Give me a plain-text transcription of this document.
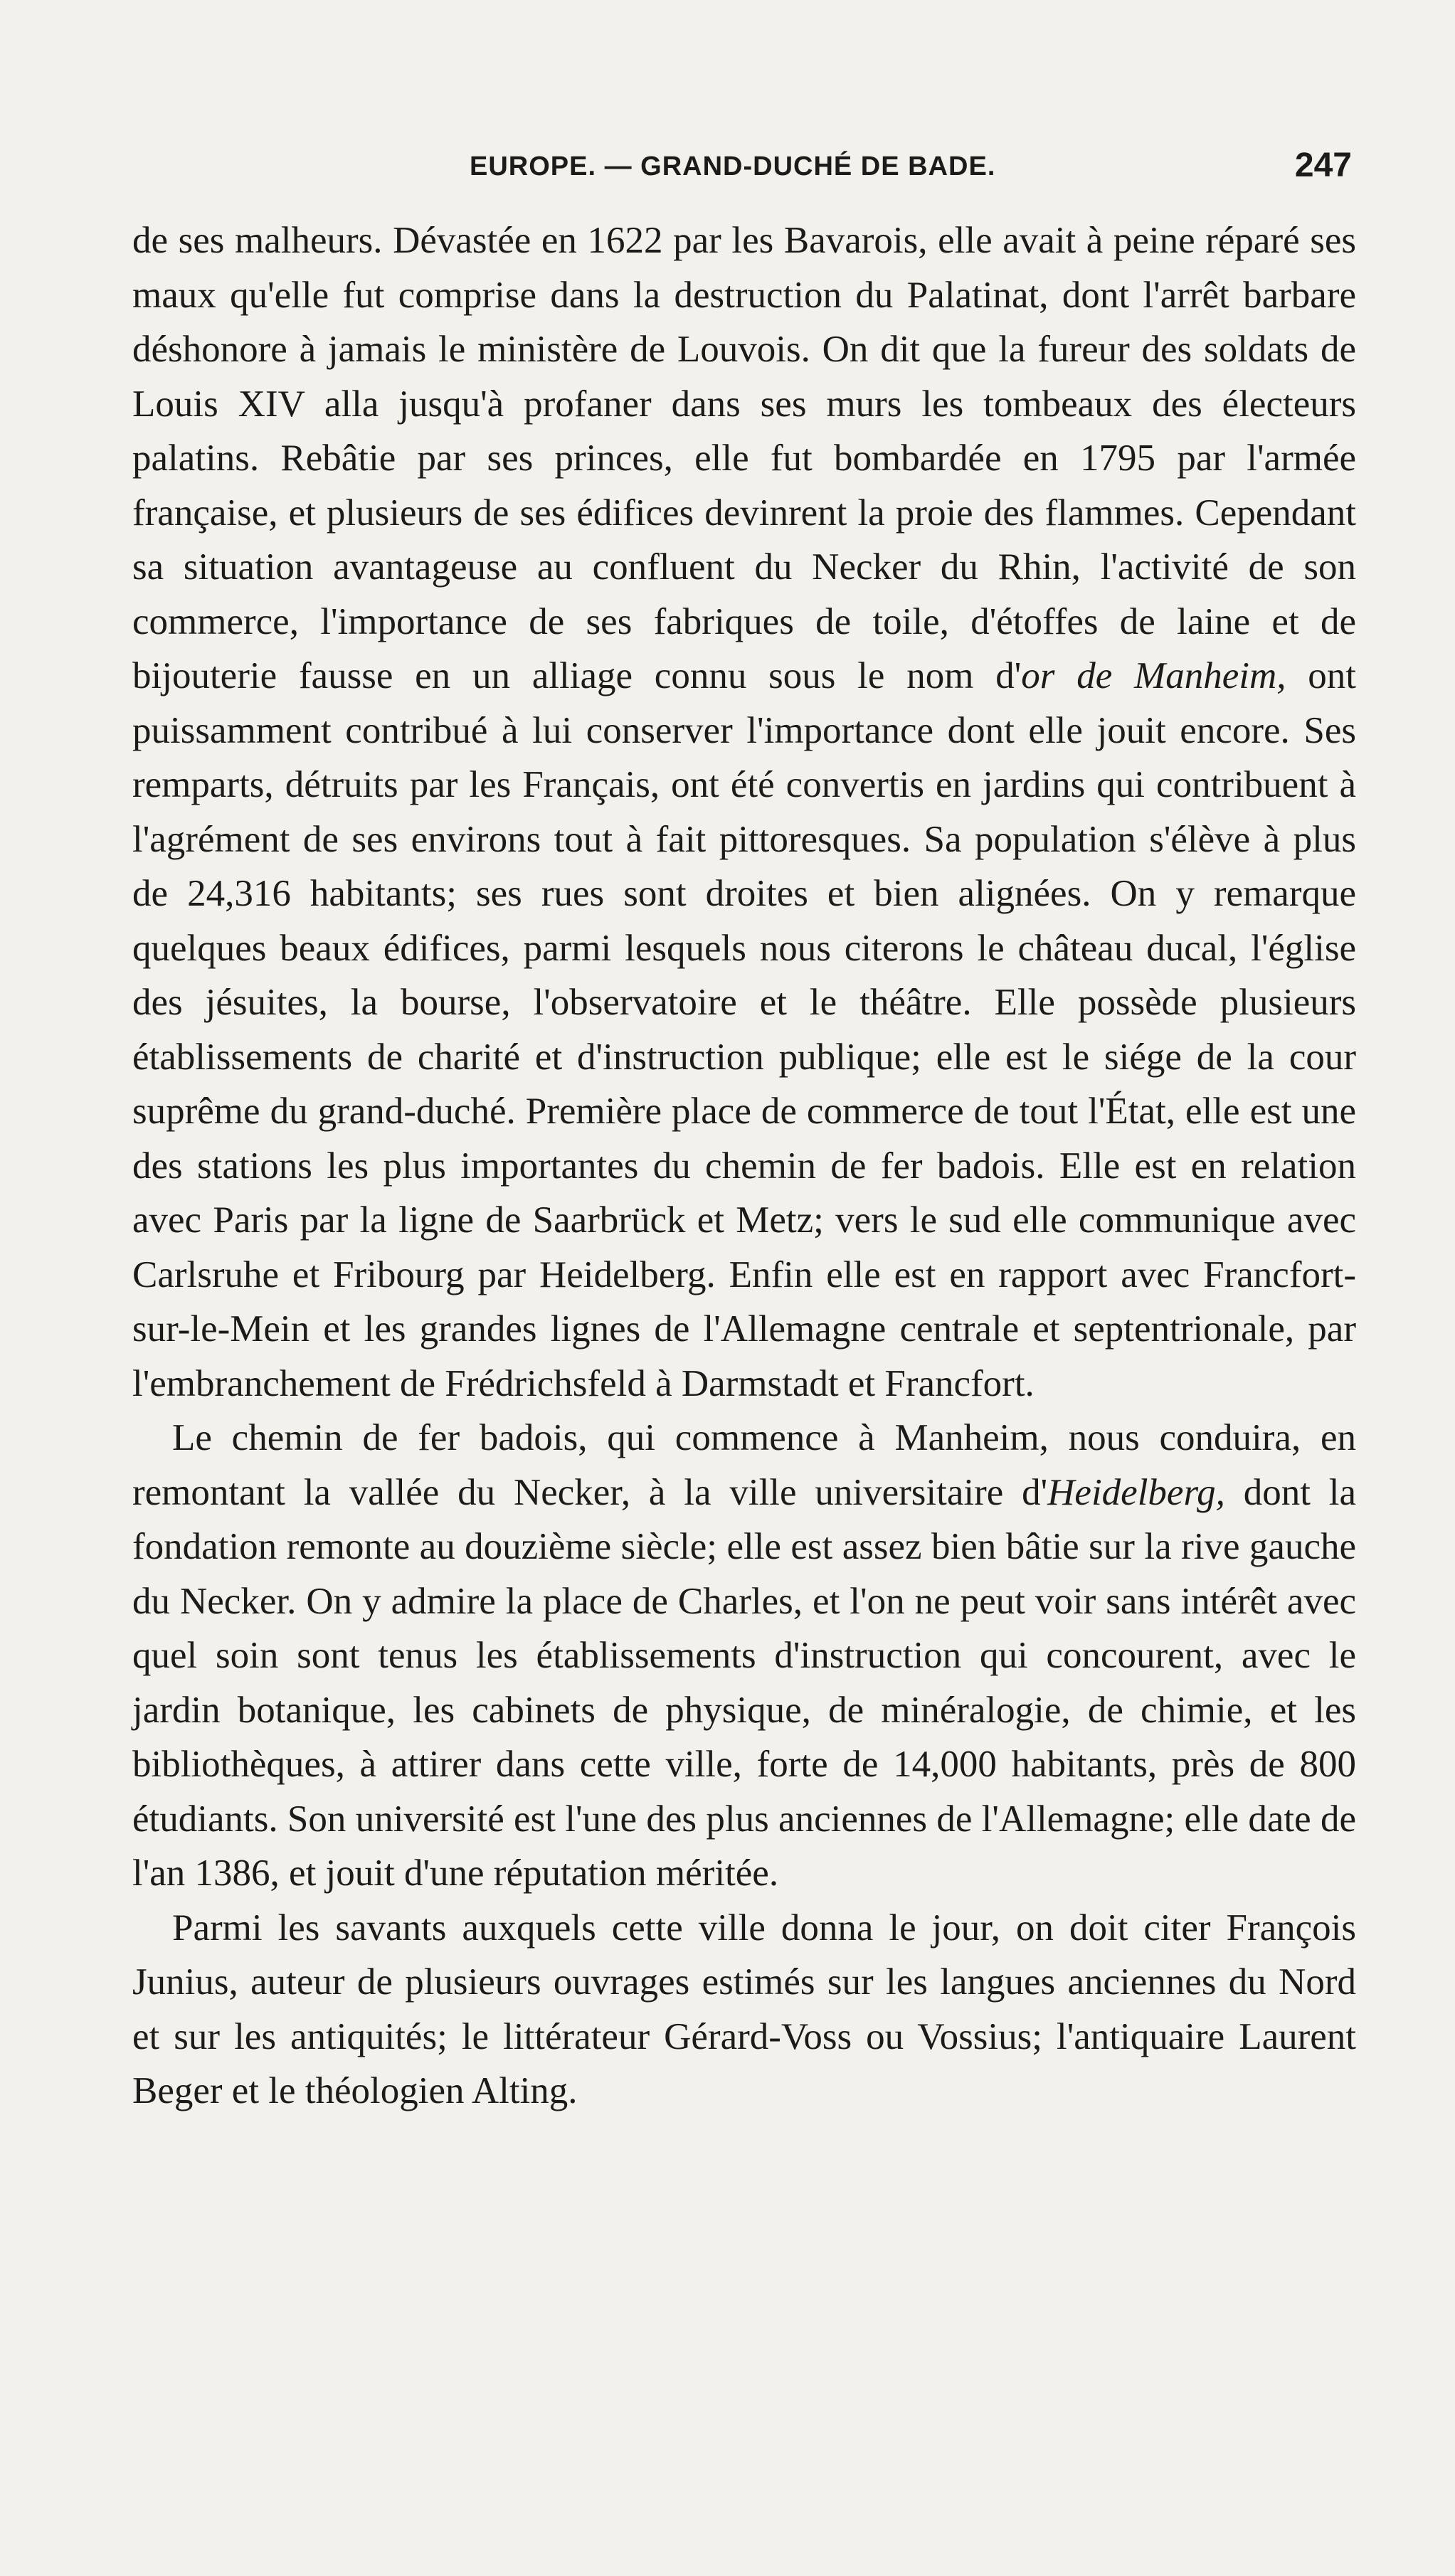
EUROPE. — GRAND-DUCHÉ DE BADE.	247

de ses malheurs. Dévastée en 1622 par les Bavarois, elle avait à peine réparé ses maux qu'elle fut comprise dans la destruction du Palatinat, dont l'arrêt barbare déshonore à jamais le ministère de Louvois. On dit que la fureur des soldats de Louis XIV alla jusqu'à profaner dans ses murs les tombeaux des électeurs palatins. Rebâtie par ses princes, elle fut bombardée en 1795 par l'armée française, et plusieurs de ses édifices devinrent la proie des flammes. Cependant sa situation avantageuse au confluent du Necker du Rhin, l'activité de son commerce, l'importance de ses fabriques de toile, d'étoffes de laine et de bijouterie fausse en un alliage connu sous le nom d'or de Manheim, ont puissamment contribué à lui conserver l'importance dont elle jouit encore. Ses remparts, détruits par les Français, ont été convertis en jardins qui contribuent à l'agrément de ses environs tout à fait pittoresques. Sa population s'élève à plus de 24,316 habitants; ses rues sont droites et bien alignées. On y remarque quelques beaux édifices, parmi lesquels nous citerons le château ducal, l'église des jésuites, la bourse, l'observatoire et le théâtre. Elle possède plusieurs établissements de charité et d'instruction publique; elle est le siége de la cour suprême du grand-duché. Première place de commerce de tout l'État, elle est une des stations les plus importantes du chemin de fer badois. Elle est en relation avec Paris par la ligne de Saarbrück et Metz; vers le sud elle communique avec Carlsruhe et Fribourg par Heidelberg. Enfin elle est en rapport avec Francfort-sur-le-Mein et les grandes lignes de l'Allemagne centrale et septentrionale, par l'embranchement de Frédrichsfeld à Darmstadt et Francfort.

Le chemin de fer badois, qui commence à Manheim, nous conduira, en remontant la vallée du Necker, à la ville universitaire d'Heidelberg, dont la fondation remonte au douzième siècle; elle est assez bien bâtie sur la rive gauche du Necker. On y admire la place de Charles, et l'on ne peut voir sans intérêt avec quel soin sont tenus les établissements d'instruction qui concourent, avec le jardin botanique, les cabinets de physique, de minéralogie, de chimie, et les bibliothèques, à attirer dans cette ville, forte de 14,000 habitants, près de 800 étudiants. Son université est l'une des plus anciennes de l'Allemagne; elle date de l'an 1386, et jouit d'une réputation méritée.

Parmi les savants auxquels cette ville donna le jour, on doit citer François Junius, auteur de plusieurs ouvrages estimés sur les langues anciennes du Nord et sur les antiquités; le littérateur Gérard-Voss ou Vossius; l'antiquaire Laurent Beger et le théologien Alting.
